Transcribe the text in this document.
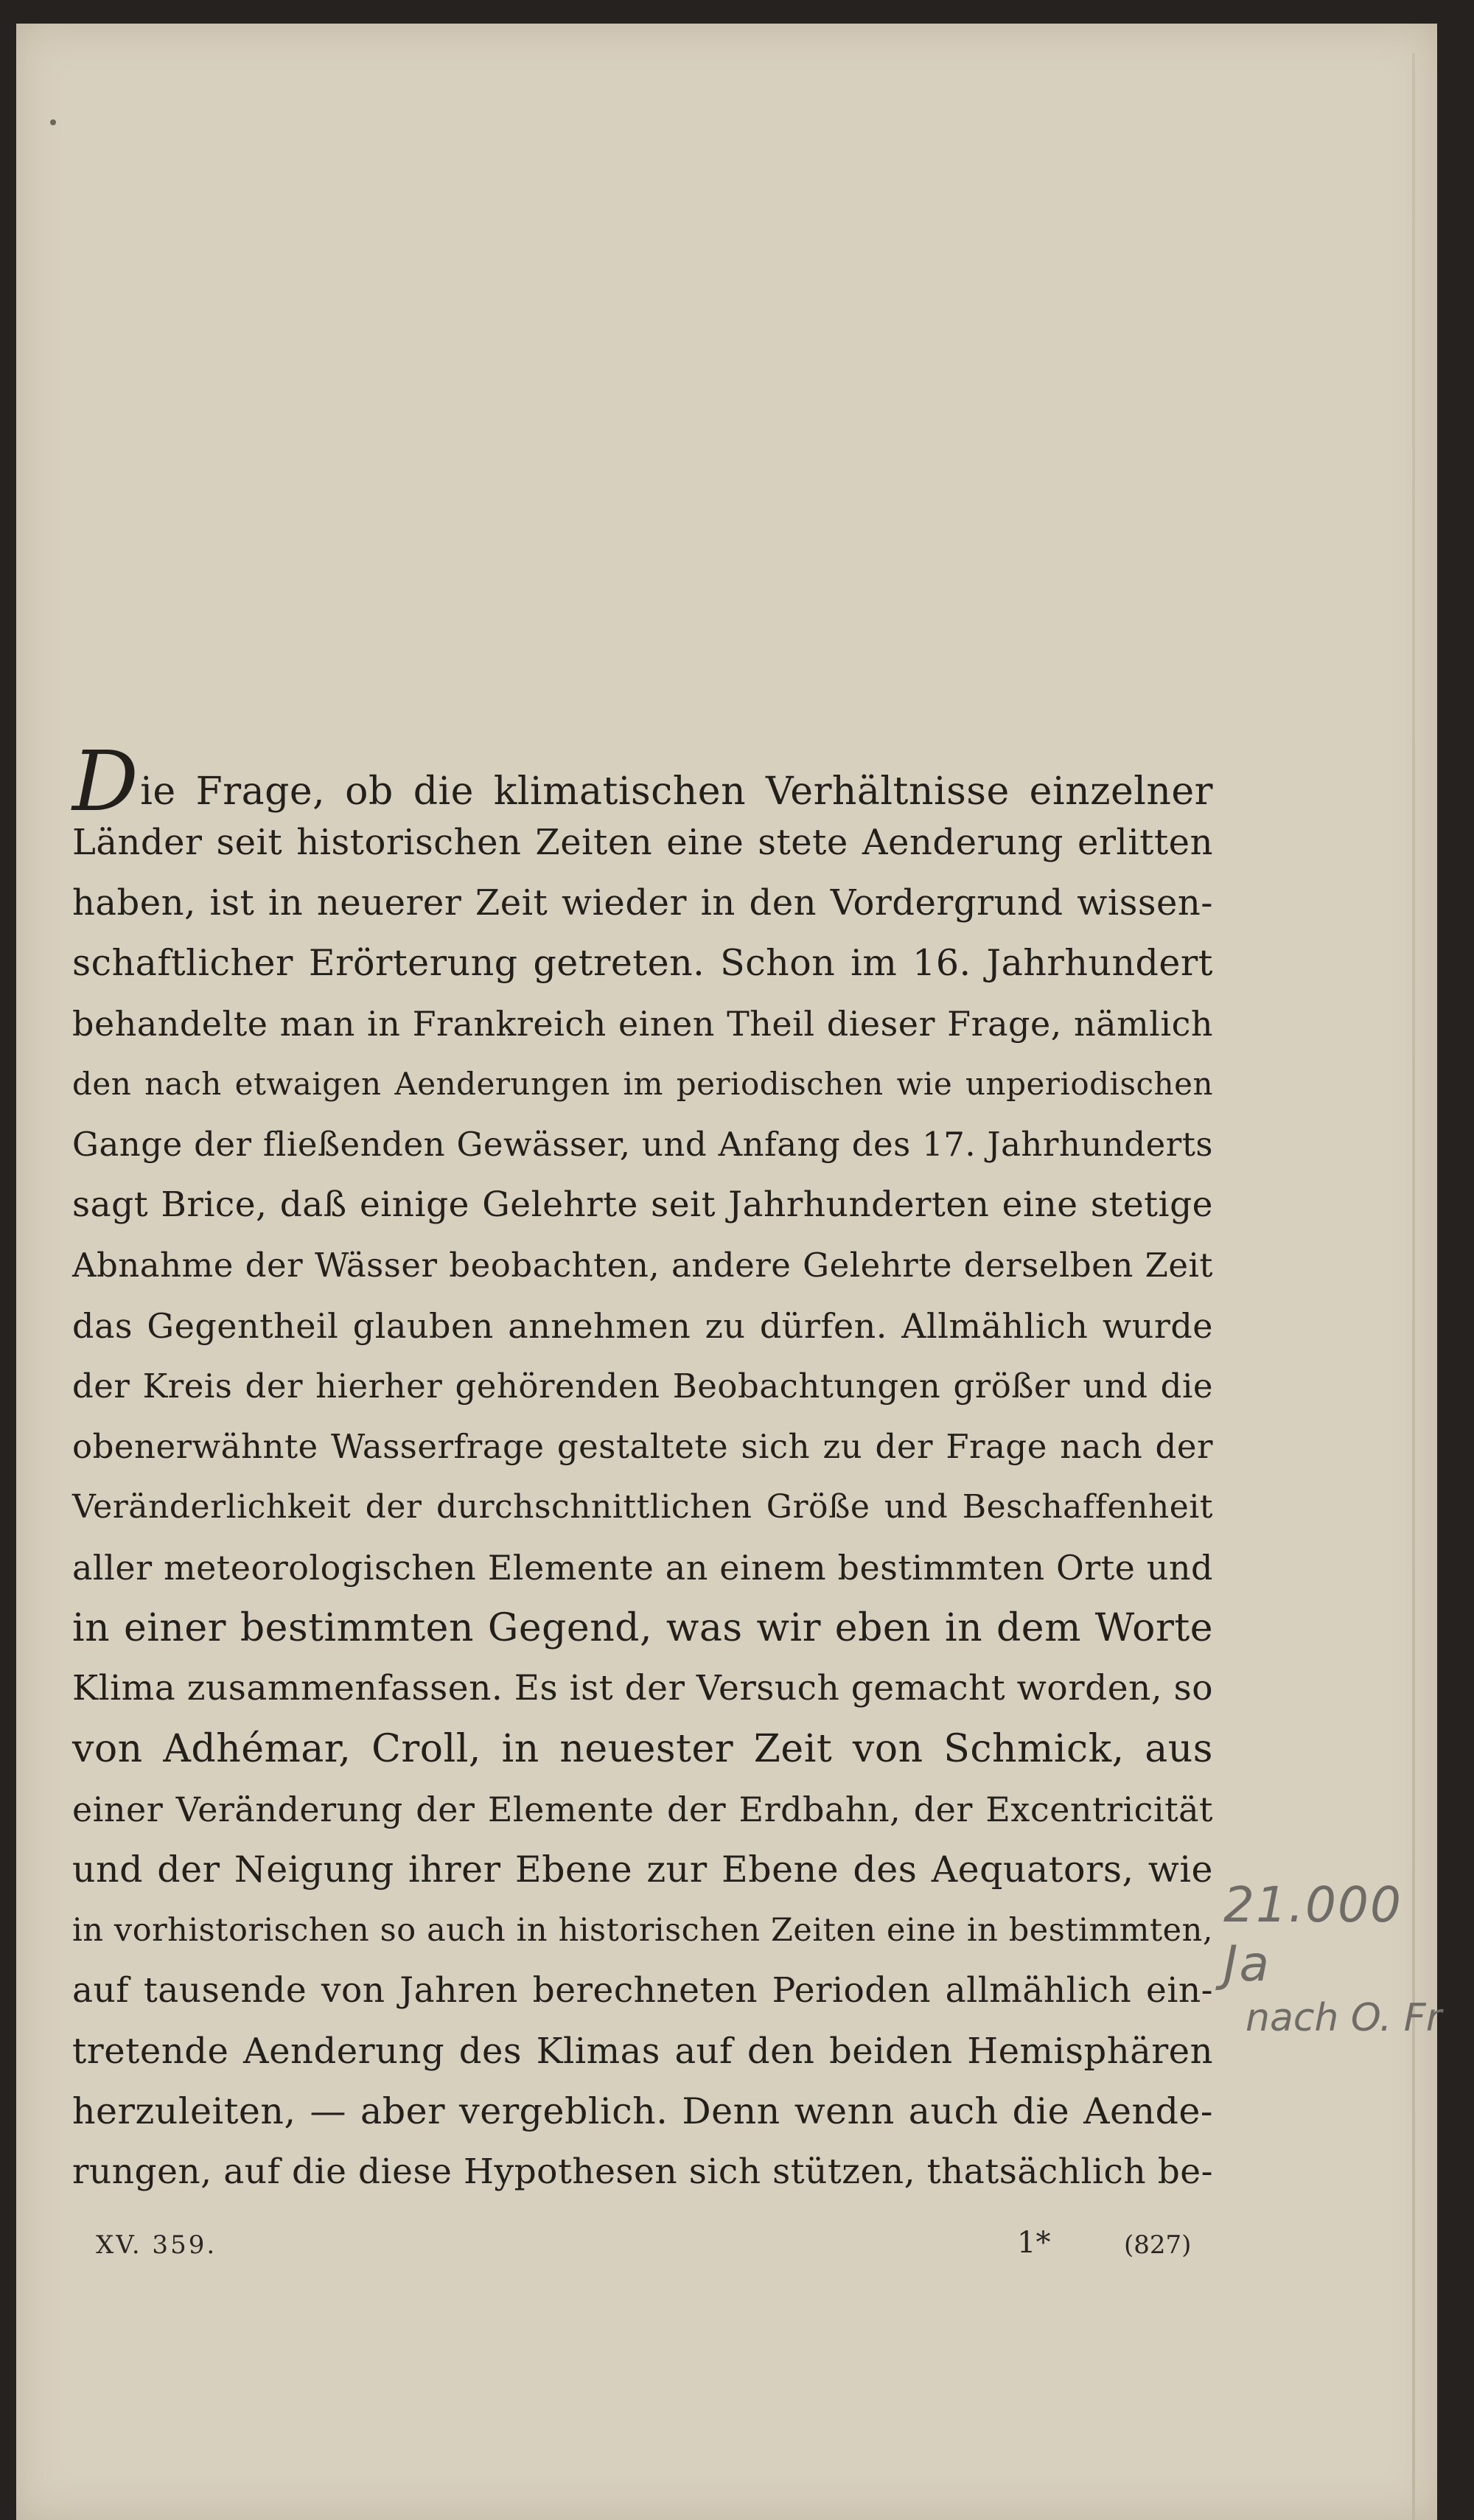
Die Frage, ob die klimatischen Verhältnisse einzelner
Länder seit historischen Zeiten eine stete Aenderung erlitten
haben, ist in neuerer Zeit wieder in den Vordergrund wissen-
schaftlicher Erörterung getreten. Schon im 16. Jahrhundert
behandelte man in Frankreich einen Theil dieser Frage, nämlich
den nach etwaigen Aenderungen im periodischen wie unperiodischen
Gange der fließenden Gewässer, und Anfang des 17. Jahrhunderts
sagt Brice, daß einige Gelehrte seit Jahrhunderten eine stetige
Abnahme der Wässer beobachten, andere Gelehrte derselben Zeit
das Gegentheil glauben annehmen zu dürfen. Allmählich wurde
der Kreis der hierher gehörenden Beobachtungen größer und die
obenerwähnte Wasserfrage gestaltete sich zu der Frage nach der
Veränderlichkeit der durchschnittlichen Größe und Beschaffenheit
aller meteorologischen Elemente an einem bestimmten Orte und
in einer bestimmten Gegend, was wir eben in dem Worte
Klima zusammenfassen. Es ist der Versuch gemacht worden, so
von Adhémar, Croll, in neuester Zeit von Schmick, aus
einer Veränderung der Elemente der Erdbahn, der Excentricität
und der Neigung ihrer Ebene zur Ebene des Aequators, wie
in vorhistorischen so auch in historischen Zeiten eine in bestimmten,
auf tausende von Jahren berechneten Perioden allmählich ein-
tretende Aenderung des Klimas auf den beiden Hemisphären
herzuleiten, — aber vergeblich. Denn wenn auch die Aende-
rungen, auf die diese Hypothesen sich stützen, thatsächlich be-
XV. 359.	1*	(827)
21.000 Ja
nach O. Fr
